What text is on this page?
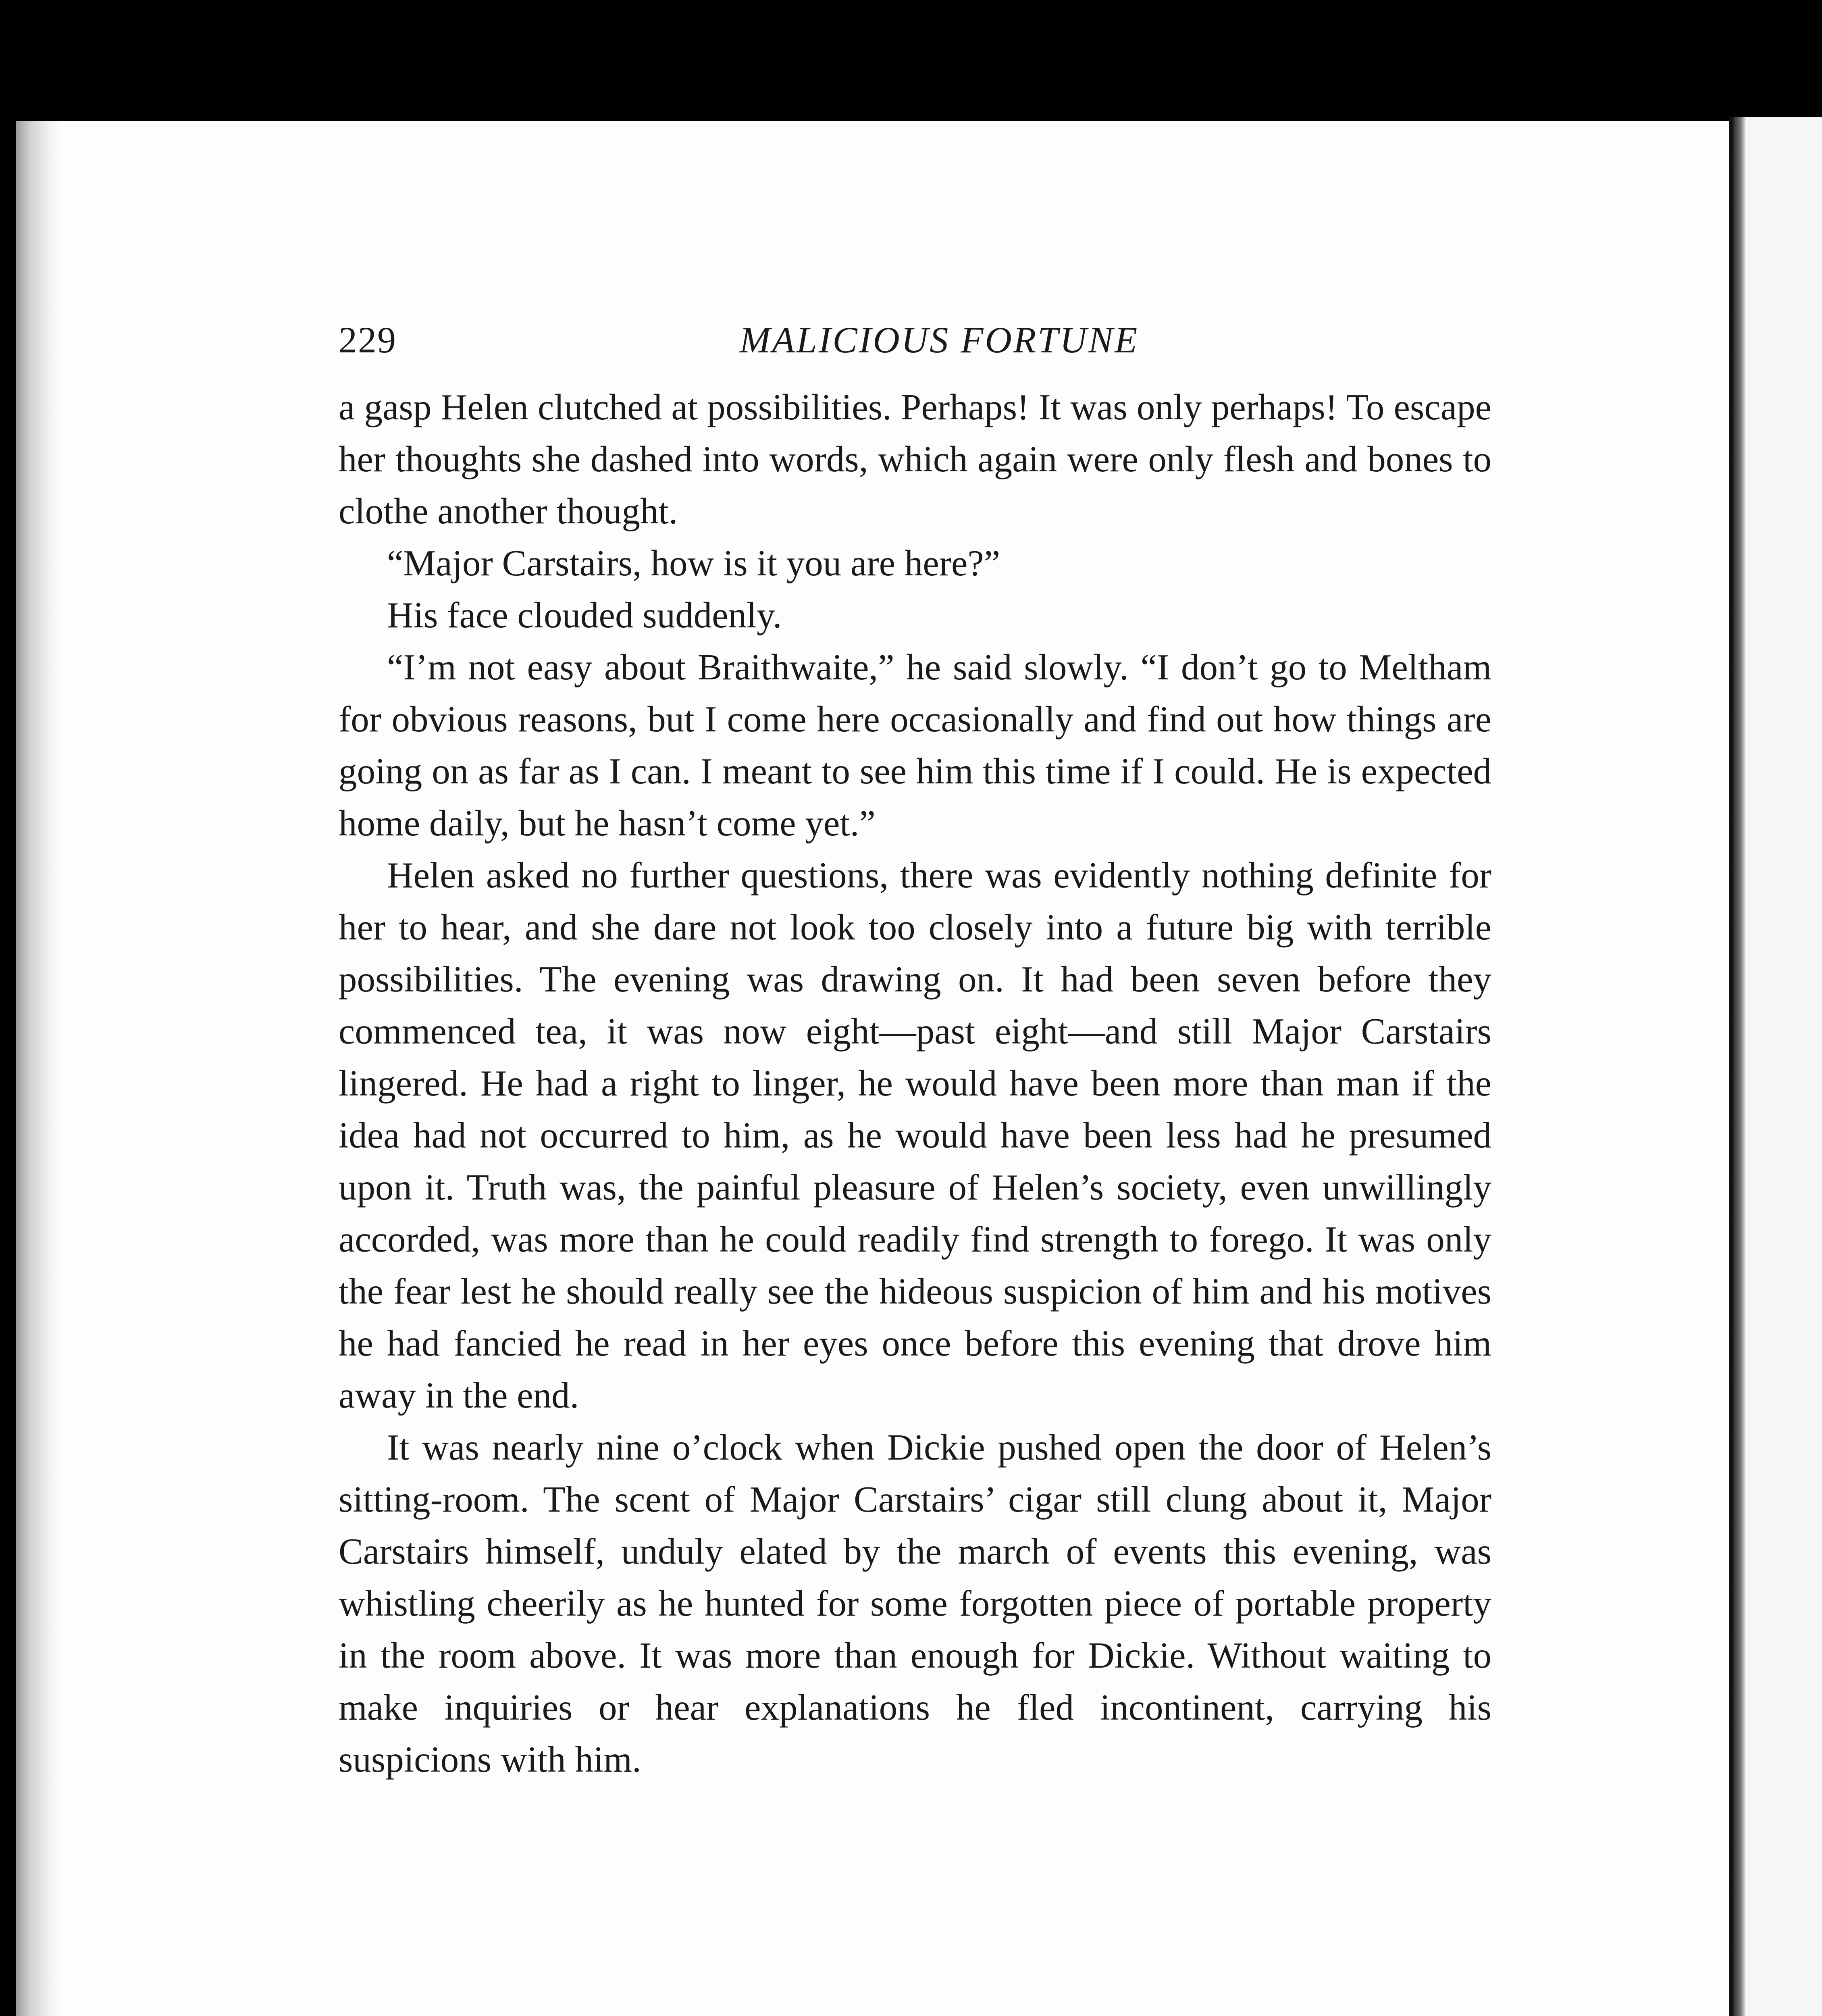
229	MALICIOUS FORTUNE

a gasp Helen clutched at possibilities. Perhaps! It was only perhaps! To escape her thoughts she dashed into words, which again were only flesh and bones to clothe another thought.

“Major Carstairs, how is it you are here?”

His face clouded suddenly.

“I’m not easy about Braithwaite,” he said slowly. “I don’t go to Meltham for obvious reasons, but I come here occasionally and find out how things are going on as far as I can. I meant to see him this time if I could. He is expected home daily, but he hasn’t come yet.”

Helen asked no further questions, there was evidently nothing definite for her to hear, and she dare not look too closely into a future big with terrible possibilities. The evening was drawing on. It had been seven before they commenced tea, it was now eight—past eight—and still Major Carstairs lingered. He had a right to linger, he would have been more than man if the idea had not occurred to him, as he would have been less had he presumed upon it. Truth was, the painful pleasure of Helen’s society, even unwillingly accorded, was more than he could readily find strength to forego. It was only the fear lest he should really see the hideous suspicion of him and his motives he had fancied he read in her eyes once before this evening that drove him away in the end.

It was nearly nine o’clock when Dickie pushed open the door of Helen’s sitting-room. The scent of Major Carstairs’ cigar still clung about it, Major Carstairs himself, unduly elated by the march of events this evening, was whistling cheerily as he hunted for some forgotten piece of portable property in the room above. It was more than enough for Dickie. Without waiting to make inquiries or hear explanations he fled incontinent, carrying his suspicions with him.
